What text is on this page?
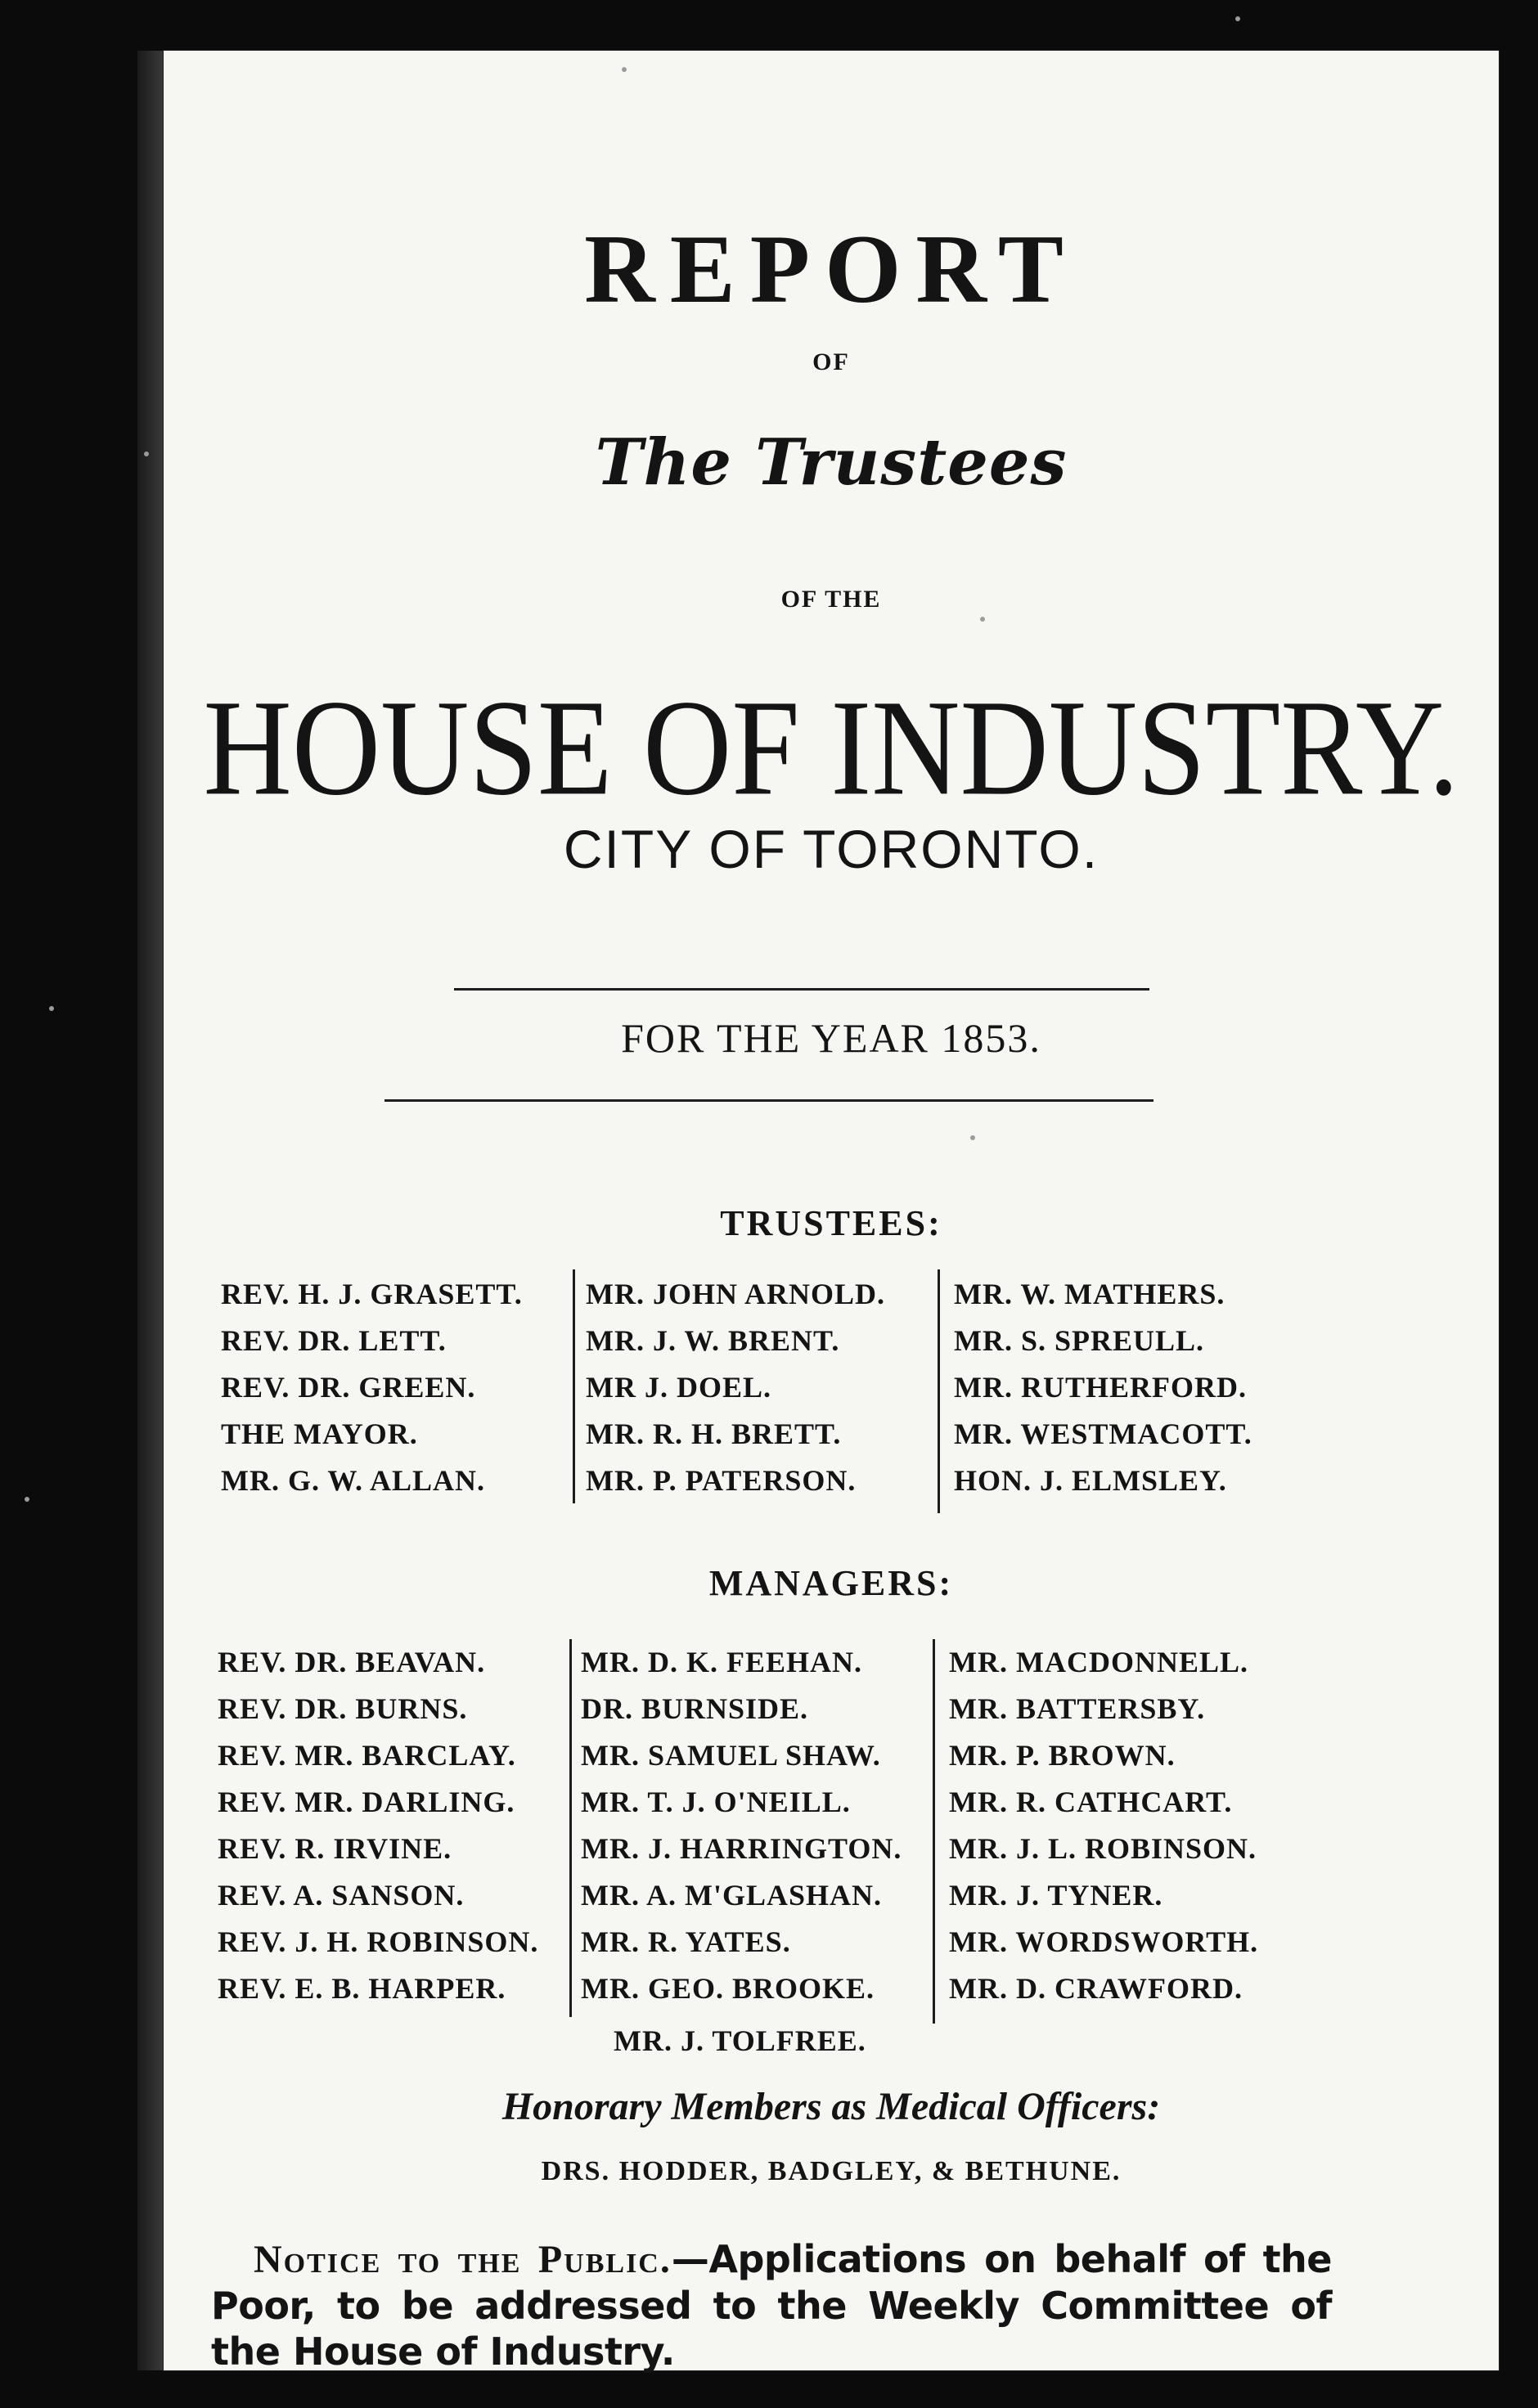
REPORT
OF
The Trustees
OF THE
HOUSE OF INDUSTRY.
CITY OF TORONTO.
FOR THE YEAR 1853.
TRUSTEES:
REV. H. J. GRASETT.
REV. DR. LETT.
REV. DR. GREEN.
THE MAYOR.
MR. G. W. ALLAN.
MR. JOHN ARNOLD.
MR. J. W. BRENT.
MR J. DOEL.
MR. R. H. BRETT.
MR. P. PATERSON.
MR. W. MATHERS.
MR. S. SPREULL.
MR. RUTHERFORD.
MR. WESTMACOTT.
HON. J. ELMSLEY.
MANAGERS:
REV. DR. BEAVAN.
REV. DR. BURNS.
REV. MR. BARCLAY.
REV. MR. DARLING.
REV. R. IRVINE.
REV. A. SANSON.
REV. J. H. ROBINSON.
REV. E. B. HARPER.
MR. D. K. FEEHAN.
DR. BURNSIDE.
MR. SAMUEL SHAW.
MR. T. J. O'NEILL.
MR. J. HARRINGTON.
MR. A. M'GLASHAN.
MR. R. YATES.
MR. GEO. BROOKE.
MR. MACDONNELL.
MR. BATTERSBY.
MR. P. BROWN.
MR. R. CATHCART.
MR. J. L. ROBINSON.
MR. J. TYNER.
MR. WORDSWORTH.
MR. D. CRAWFORD.
MR. J. TOLFREE.
Honorary Members as Medical Officers:
DRS. HODDER, BADGLEY, & BETHUNE.
Notice to the Public.—Applications on behalf of the Poor, to be addressed to the Weekly Committee of the House of Industry.
